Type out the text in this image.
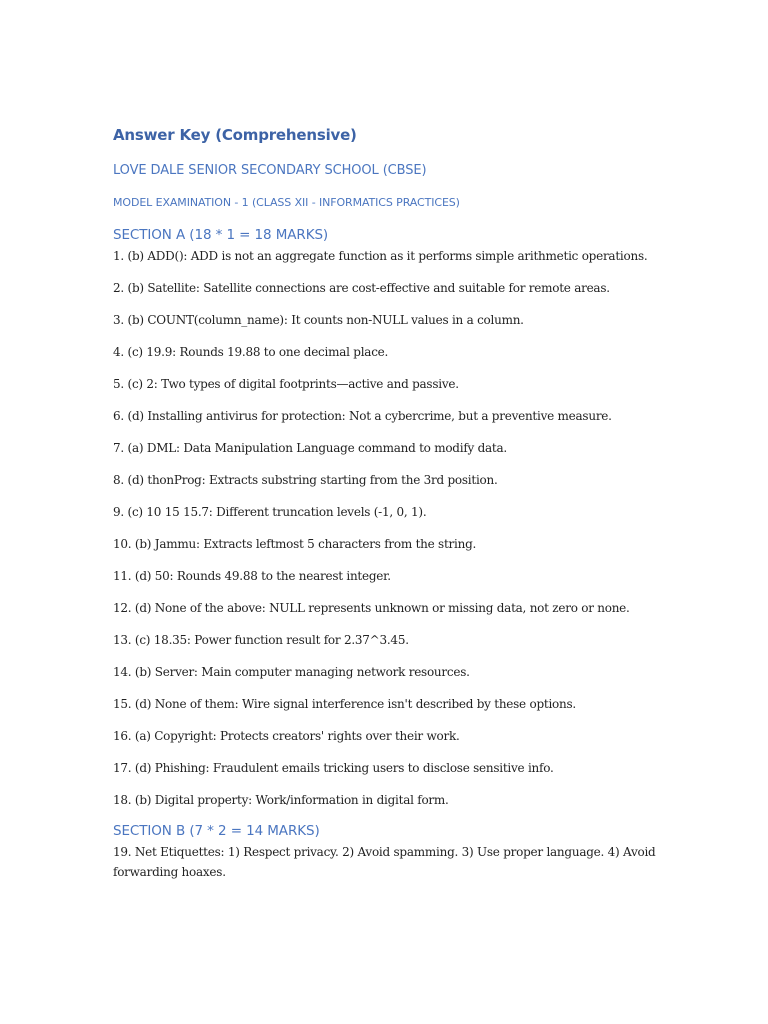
Answer Key (Comprehensive)
LOVE DALE SENIOR SECONDARY SCHOOL (CBSE)
MODEL EXAMINATION - 1 (CLASS XII - INFORMATICS PRACTICES)
SECTION A (18 * 1 = 18 MARKS)
1. (b) ADD(): ADD is not an aggregate function as it performs simple arithmetic operations.
2. (b) Satellite: Satellite connections are cost-effective and suitable for remote areas.
3. (b) COUNT(column_name): It counts non-NULL values in a column.
4. (c) 19.9: Rounds 19.88 to one decimal place.
5. (c) 2: Two types of digital footprints—active and passive.
6. (d) Installing antivirus for protection: Not a cybercrime, but a preventive measure.
7. (a) DML: Data Manipulation Language command to modify data.
8. (d) thonProg: Extracts substring starting from the 3rd position.
9. (c) 10 15 15.7: Different truncation levels (-1, 0, 1).
10. (b) Jammu: Extracts leftmost 5 characters from the string.
11. (d) 50: Rounds 49.88 to the nearest integer.
12. (d) None of the above: NULL represents unknown or missing data, not zero or none.
13. (c) 18.35: Power function result for 2.37^3.45.
14. (b) Server: Main computer managing network resources.
15. (d) None of them: Wire signal interference isn't described by these options.
16. (a) Copyright: Protects creators' rights over their work.
17. (d) Phishing: Fraudulent emails tricking users to disclose sensitive info.
18. (b) Digital property: Work/information in digital form.
SECTION B (7 * 2 = 14 MARKS)
19. Net Etiquettes: 1) Respect privacy. 2) Avoid spamming. 3) Use proper language. 4) Avoid forwarding hoaxes.
